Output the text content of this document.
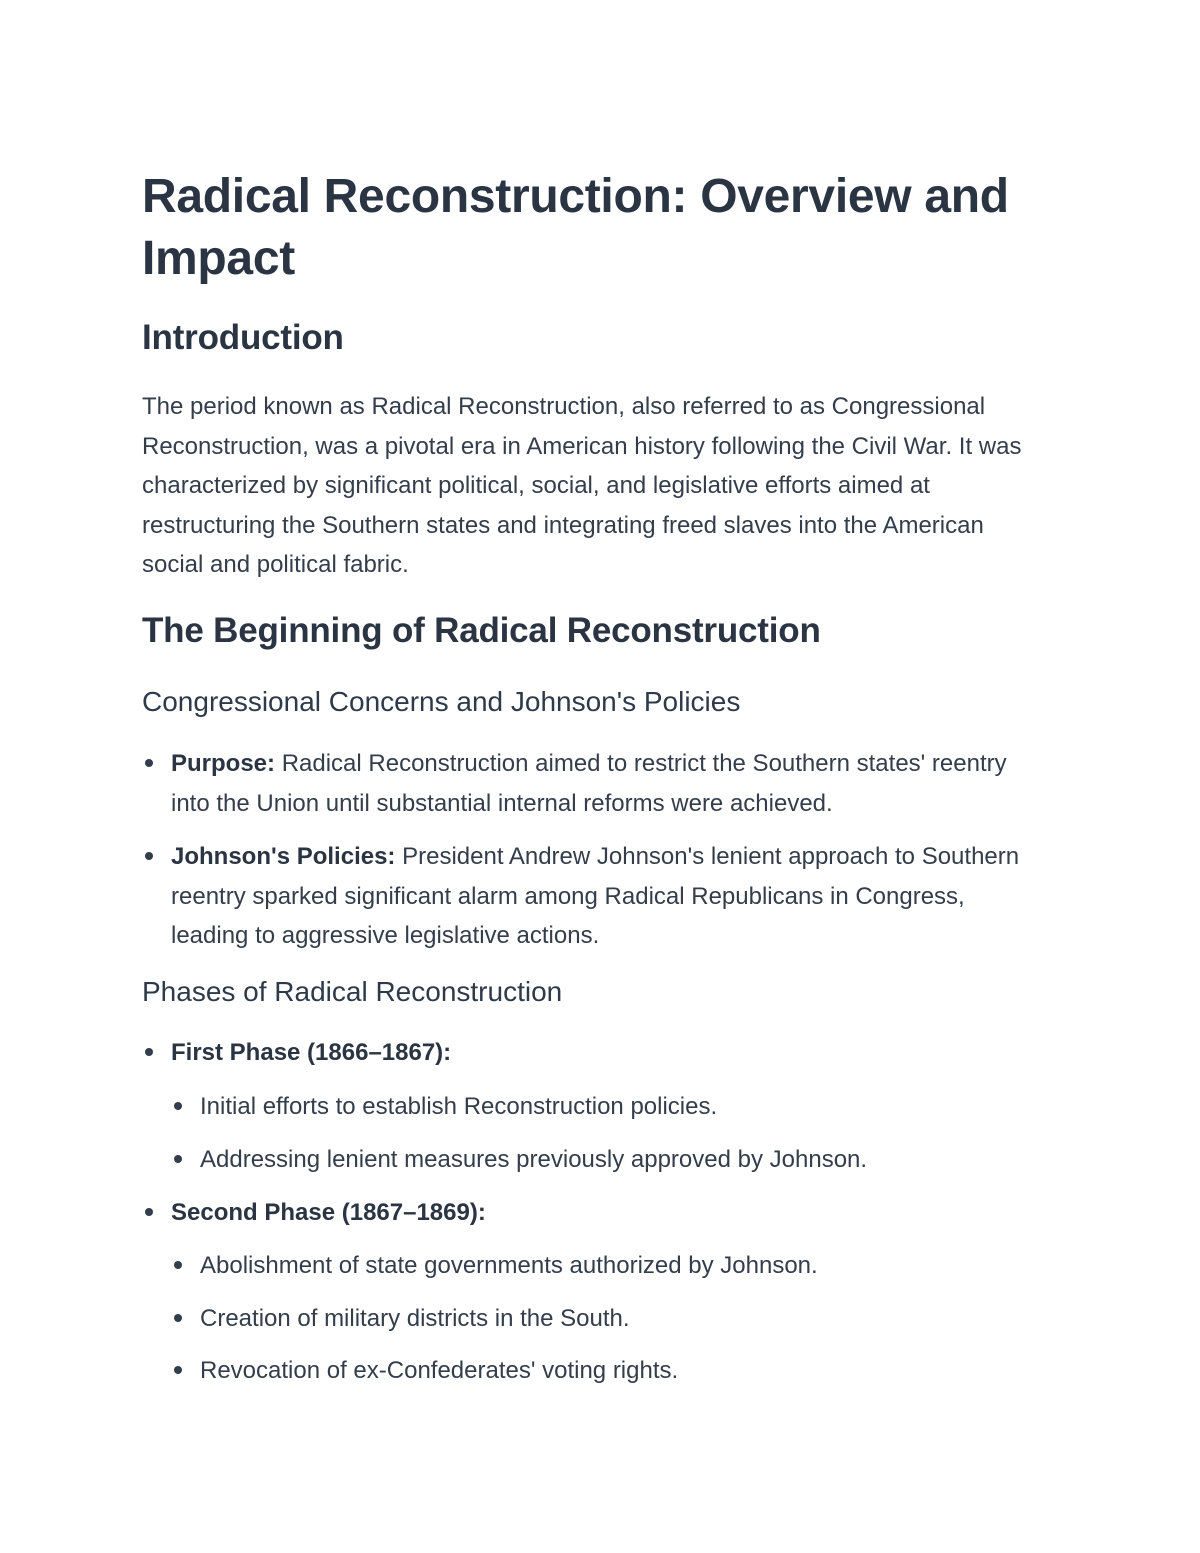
Radical Reconstruction: Overview and Impact
Introduction

The period known as Radical Reconstruction, also referred to as Congressional Reconstruction, was a pivotal era in American history following the Civil War. It was characterized by significant political, social, and legislative efforts aimed at restructuring the Southern states and integrating freed slaves into the American social and political fabric.

The Beginning of Radical Reconstruction
Congressional Concerns and Johnson's Policies
Purpose: Radical Reconstruction aimed to restrict the Southern states' reentry into the Union until substantial internal reforms were achieved.
Johnson's Policies: President Andrew Johnson's lenient approach to Southern reentry sparked significant alarm among Radical Republicans in Congress, leading to aggressive legislative actions.
Phases of Radical Reconstruction
First Phase (1866–1867):
Initial efforts to establish Reconstruction policies.
Addressing lenient measures previously approved by Johnson.
Second Phase (1867–1869):
Abolishment of state governments authorized by Johnson.
Creation of military districts in the South.
Revocation of ex-Confederates' voting rights.
